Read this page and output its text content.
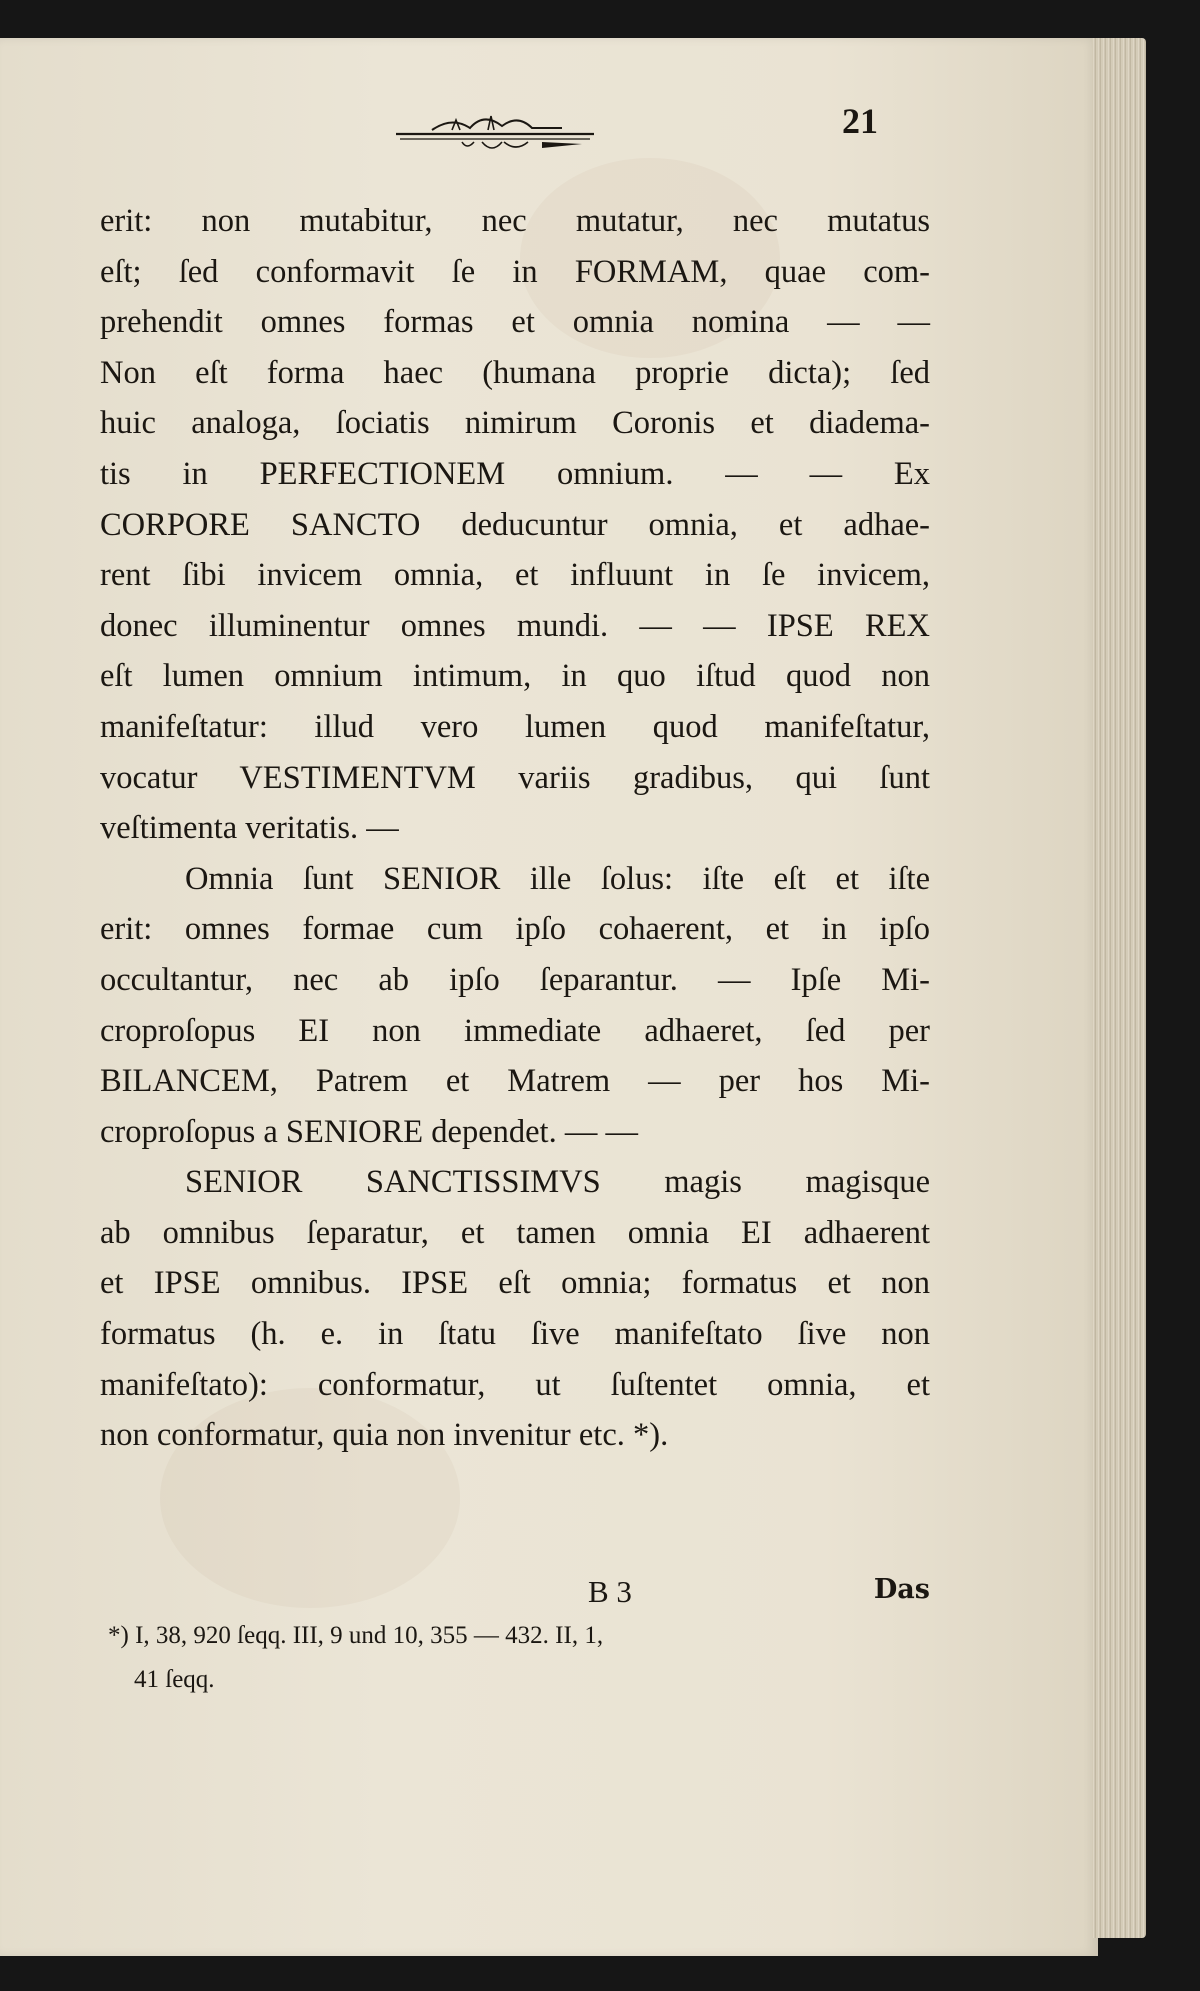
21
erit: non mutabitur, nec mutatur, nec mutatus
eſt; ſed conformavit ſe in FORMAM, quae com-
prehendit omnes formas et omnia nomina — —
Non eſt forma haec (humana proprie dicta); ſed
huic analoga, ſociatis nimirum Coronis et diadema-
tis in PERFECTIONEM omnium. — — Ex
CORPORE SANCTO deducuntur omnia, et adhae-
rent ſibi invicem omnia, et influunt in ſe invicem,
donec illuminentur omnes mundi. — — IPSE REX
eſt lumen omnium intimum, in quo iſtud quod non
manifeſtatur: illud vero lumen quod manifeſtatur,
vocatur VESTIMENTVM variis gradibus, qui ſunt
veſtimenta veritatis. —
Omnia ſunt SENIOR ille ſolus: iſte eſt et iſte
erit: omnes formae cum ipſo cohaerent, et in ipſo
occultantur, nec ab ipſo ſeparantur. — Ipſe Mi-
croproſopus EI non immediate adhaeret, ſed per
BILANCEM, Patrem et Matrem — per hos Mi-
croproſopus a SENIORE dependet. — —
SENIOR SANCTISSIMVS magis magisque
ab omnibus ſeparatur, et tamen omnia EI adhaerent
et IPSE omnibus. IPSE eſt omnia; formatus et non
formatus (h. e. in ſtatu ſive manifeſtato ſive non
manifeſtato): conformatur, ut ſuſtentet omnia, et
non conformatur, quia non invenitur etc. *).
B 3	Das
*) I, 38, 920 ſeqq. III, 9 und 10, 355 — 432. II, 1,
41 ſeqq.
